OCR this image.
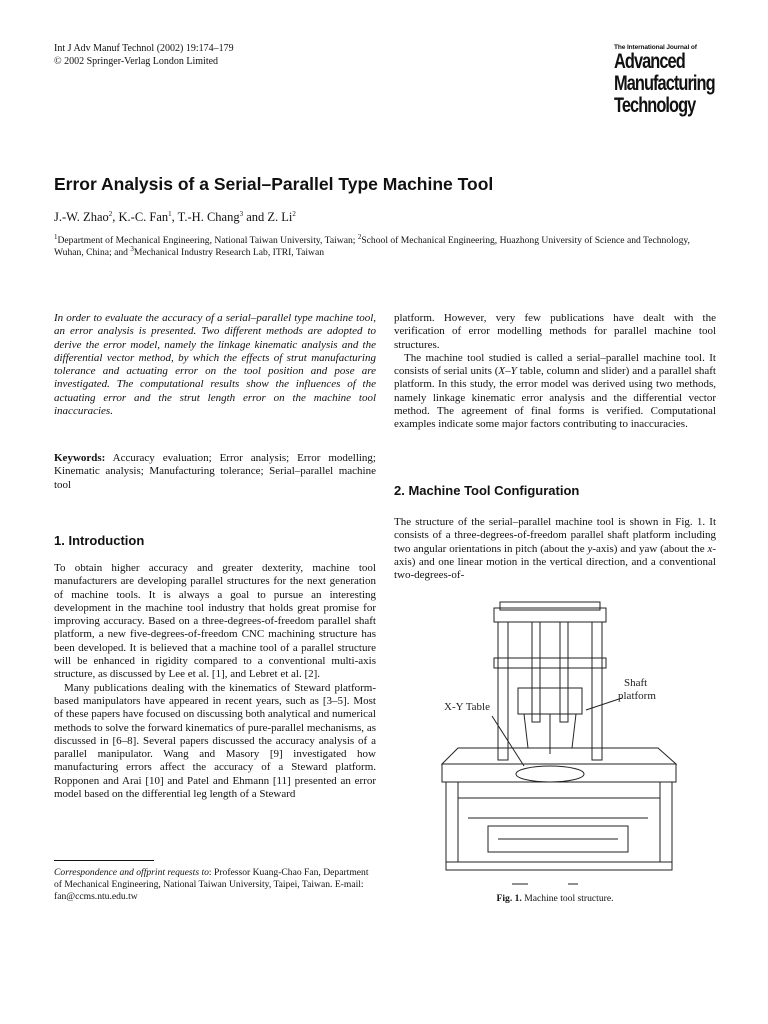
Int J Adv Manuf Technol (2002) 19:174–179
© 2002 Springer-Verlag London Limited
The International Journal of
Advanced
Manufacturing
Technology
Error Analysis of a Serial–Parallel Type Machine Tool
J.-W. Zhao$^2$, K.-C. Fan$^1$, T.-H. Chang$^3$ and Z. Li$^2$
$^1$Department of Mechanical Engineering, National Taiwan University, Taiwan; $^2$School of Mechanical Engineering, Huazhong University of Science and Technology, Wuhan, China; and $^3$Mechanical Industry Research Lab, ITRI, Taiwan
In order to evaluate the accuracy of a serial–parallel type machine tool, an error analysis is presented. Two different methods are adopted to derive the error model, namely the linkage kinematic analysis and the differential vector method, by which the effects of strut manufacturing tolerance and actuating error on the tool position and pose are investigated. The computational results show the influences of the actuating error and the strut length error on the machine tool inaccuracies.
Keywords: Accuracy evaluation; Error analysis; Error modelling; Kinematic analysis; Manufacturing tolerance; Serial–parallel machine tool
1. Introduction

To obtain higher accuracy and greater dexterity, machine tool manufacturers are developing parallel structures for the next generation of machine tools. It is always a goal to pursue an interesting development in the machine tool industry that holds great promise for improving accuracy. Based on a three-degrees-of-freedom parallel shaft platform, a new five-degrees-of-freedom CNC machining structure has been developed. It is believed that a machine tool of a parallel structure will be enhanced in rigidity compared to a conventional multi-axis structure, as discussed by Lee et al. [1], and Lebret et al. [2].

Many publications dealing with the kinematics of Steward platform-based manipulators have appeared in recent years, such as [3–5]. Most of these papers have focused on discussing both analytical and numerical methods to solve the forward kinematics of pure-parallel mechanisms, as discussed in [6–8]. Several papers discussed the accuracy analysis of a parallel manipulator. Wang and Masory [9] investigated how manufacturing errors affect the accuracy of a Steward platform. Ropponen and Arai [10] and Patel and Ehmann [11] presented an error model based on the differential leg length of a Steward

Correspondence and offprint requests to: Professor Kuang-Chao Fan, Department of Mechanical Engineering, National Taiwan University, Taipei, Taiwan. E-mail: fan@ccms.ntu.edu.tw

platform. However, very few publications have dealt with the verification of error modelling methods for parallel machine tool structures.

The machine tool studied is called a serial–parallel machine tool. It consists of serial units (X–Y table, column and slider) and a parallel shaft platform. In this study, the error model was derived using two methods, namely linkage kinematic error analysis and the differential vector method. The agreement of final forms is verified. Computational examples indicate some major factors contributing to inaccuracies.

2. Machine Tool Configuration
The structure of the serial–parallel machine tool is shown in Fig. 1. It consists of a three-degrees-of-freedom parallel shaft platform including two angular orientations in pitch (about the y-axis) and yaw (about the x-axis) and one linear motion in the vertical direction, and a conventional two-degrees-of-
X-Y Table
Shaft
platform
Fig. 1. Machine tool structure.
